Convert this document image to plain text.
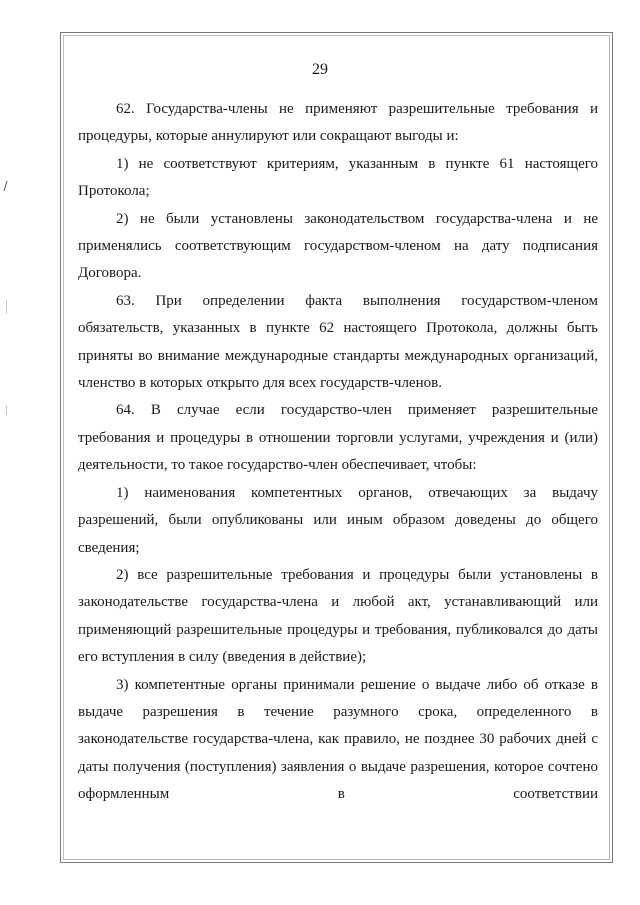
29

62. Государства-члены не применяют разрешительные требования и процедуры, которые аннулируют или сокращают выгоды и:

1) не соответствуют критериям, указанным в пункте 61 настоящего Протокола;

2) не были установлены законодательством государства-члена и не применялись соответствующим государством-членом на дату подписания Договора.

63. При определении факта выполнения государством-членом обязательств, указанных в пункте 62 настоящего Протокола, должны быть приняты во внимание международные стандарты международных организаций, членство в которых открыто для всех государств-членов.

64. В случае если государство-член применяет разрешительные требования и процедуры в отношении торговли услугами, учреждения и (или) деятельности, то такое государство-член обеспечивает, чтобы:

1) наименования компетентных органов, отвечающих за выдачу разрешений, были опубликованы или иным образом доведены до общего сведения;

2) все разрешительные требования и процедуры были установлены в законодательстве государства-члена и любой акт, устанавливающий или применяющий разрешительные процедуры и требования, публиковался до даты его вступления в силу (введения в действие);

3) компетентные органы принимали решение о выдаче либо об отказе в выдаче разрешения в течение разумного срока, определенного в законодательстве государства-члена, как правило, не позднее 30 рабочих дней с даты получения (поступления) заявления о выдаче разрешения, которое сочтено оформленным в соответствии
